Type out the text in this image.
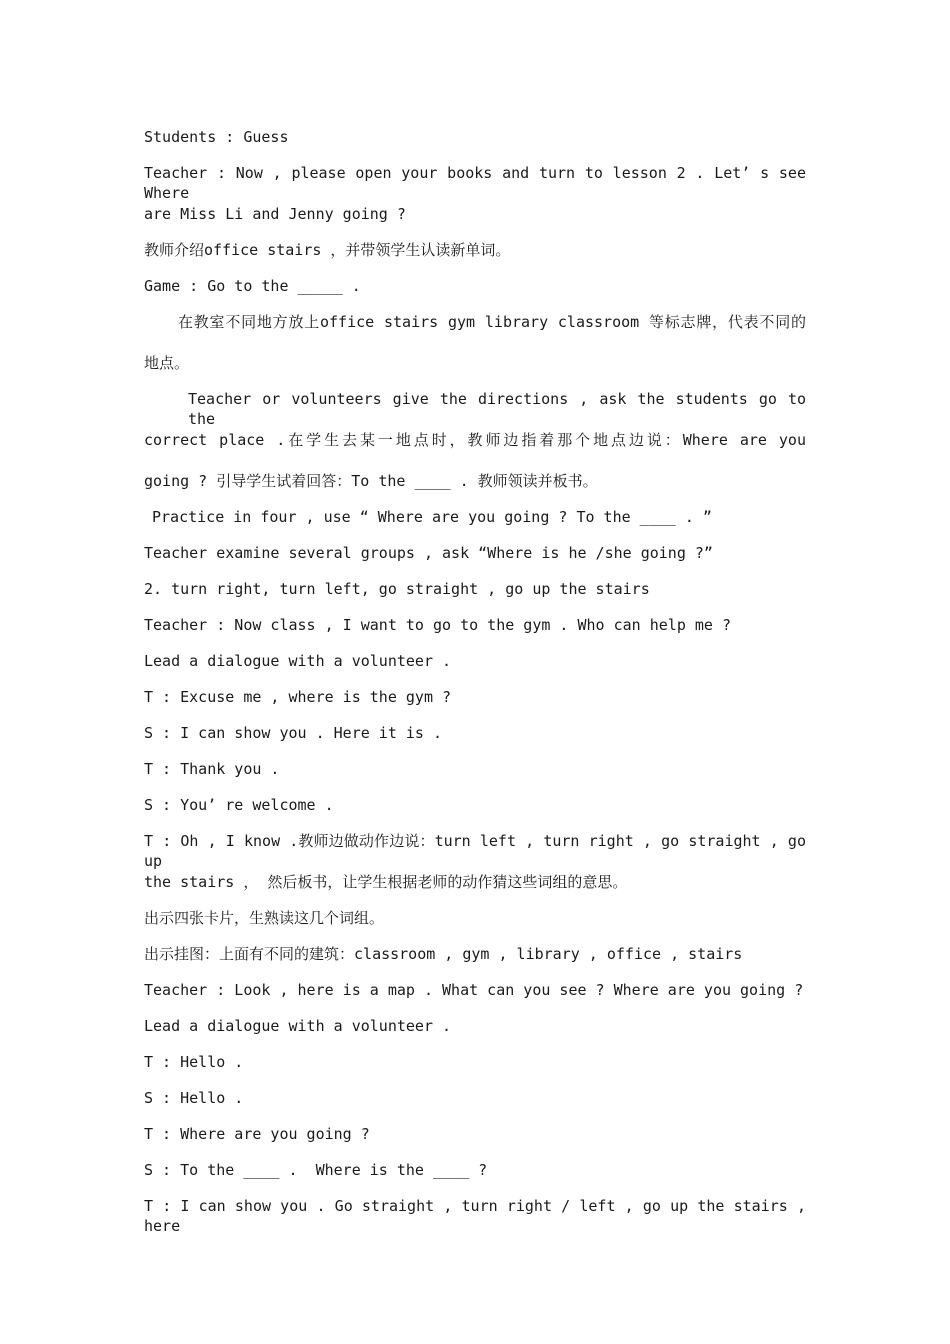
Students : Guess
Teacher : Now , please open your books and turn to lesson 2 . Let’ s see Where
are Miss Li and Jenny going ?
教师介绍office stairs ，并带领学生认读新单词。
Game : Go to the _____ .
在教室不同地方放上office stairs gym library classroom 等标志牌，代表不同的
地点。
Teacher or volunteers give the directions , ask the students go to the
correct place .在学生去某一地点时，教师边指着那个地点边说：Where are you
going ? 引导学生试着回答：To the ____ . 教师领读并板书。
Practice in four , use “ Where are you going ? To the ____ . ”
Teacher examine several groups , ask “Where is he /she going ?”
2. turn right, turn left, go straight , go up the stairs
Teacher : Now class , I want to go to the gym . Who can help me ?
Lead a dialogue with a volunteer .
T : Excuse me , where is the gym ?
S : I can show you . Here it is .
T : Thank you .
S : You’ re welcome .
T : Oh , I know .教师边做动作边说：turn left , turn right , go straight , go up
the stairs ， 然后板书，让学生根据老师的动作猜这些词组的意思。
出示四张卡片，生熟读这几个词组。
出示挂图：上面有不同的建筑：classroom , gym , library , office , stairs
Teacher : Look , here is a map . What can you see ? Where are you going ?
Lead a dialogue with a volunteer .
T : Hello .
S : Hello .
T : Where are you going ?
S : To the ____ .  Where is the ____ ?
T : I can show you . Go straight , turn right / left , go up the stairs , here
